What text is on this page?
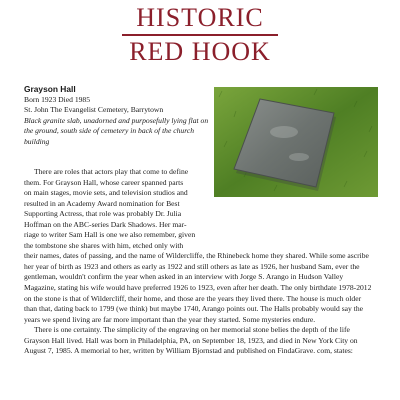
HISTORIC
RED HOOK
Grayson Hall
Born 1923 Died 1985
St. John The Evangelist Cemetery, Barrytown
Black granite slab, unadorned and purposefully lying flat on the ground, south side of cemetery in back of the church building

There are roles that actors play that come to define

them. For Grayson Hall, whose career spanned parts
on main stages, movie sets, and television studios and
resulted in an Academy Award nomination for Best
Supporting Actress, that role was probably Dr. Julia
Hoffman on the ABC-series Dark Shadows. Her mar-
riage to writer Sam Hall is one we also remember, given
the tombstone she shares with him, etched only with
their names, dates of passing, and the name of Wildercliffe, the Rhinebeck home they shared. While some ascribe her year of birth as 1923 and others as early as 1922 and still others as late as 1926, her husband Sam, ever the gentleman, wouldn't confirm the year when asked in an interview with Jorge S. Arango in Hudson Valley Magazine, stating his wife would have preferred 1926 to 1923, even after her death. The only birthdate 1978-2012 on the stone is that of Wildercliff, their home, and those are the years they lived there. The house is much older than that, dating back to 1799 (we think) but maybe 1740, Arango points out. The Halls probably would say the years we spend living are far more important than the year they started. Some mysteries endure.

There is one certainty. The simplicity of the engraving on her memorial stone belies the depth of the life Grayson Hall lived. Hall was born in Philadelphia, PA, on September 18, 1923, and died in New York City on August 7, 1985. A memorial to her, written by William Bjornstad and published on FindaGrave. com, states:
